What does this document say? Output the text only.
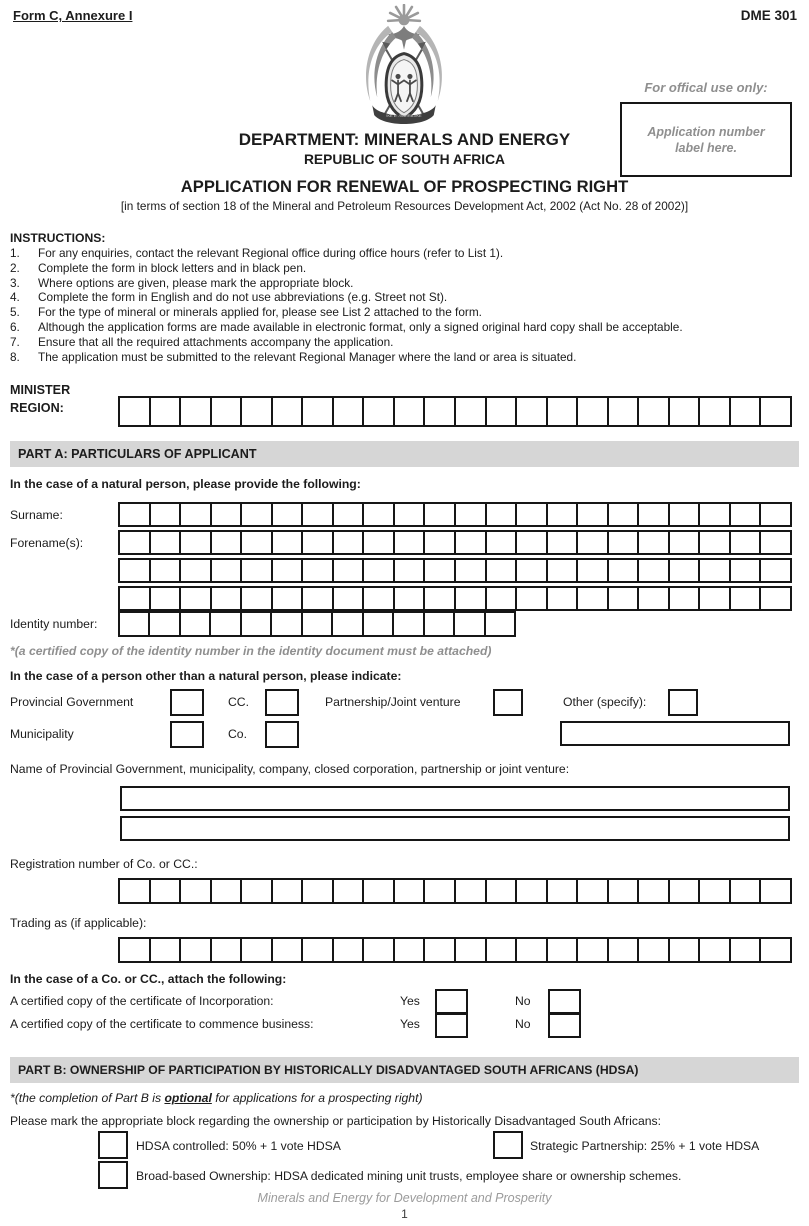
Form C, Annexure I	DME 301
!KE E: /XARRA //KE
For offical use only:
Application number label here.
DEPARTMENT: MINERALS AND ENERGY
REPUBLIC OF SOUTH AFRICA
APPLICATION FOR RENEWAL OF PROSPECTING RIGHT
[in terms of section 18 of the Mineral and Petroleum Resources Development Act, 2002 (Act No. 28 of 2002)]
INSTRUCTIONS:
1.	For any enquiries, contact the relevant Regional office during office hours (refer to List 1).
2.	Complete the form in block letters and in black pen.
3.	Where options are given, please mark the appropriate block.
4.	Complete the form in English and do not use abbreviations (e.g. Street not St).
5.	For the type of mineral or minerals applied for, please see List 2 attached to the form.
6.	Although the application forms are made available in electronic format, only a signed original hard copy shall be acceptable.
7.	Ensure that all the required attachments accompany the application.
8.	The application must be submitted to the relevant Regional Manager where the land or area is situated.
MINISTER
REGION:
PART A: PARTICULARS OF APPLICANT
In the case of a natural person, please provide the following:
Surname:
Forename(s):
Identity number:
*(a certified copy of the identity number in the identity document must be attached)
In the case of a person other than a natural person, please indicate:
Provincial Government	CC.	Partnership/Joint venture	Other (specify):
Municipality	Co.
Name of Provincial Government, municipality, company, closed corporation, partnership or joint venture:
Registration number of Co. or CC.:
Trading as (if applicable):
In the case of a Co. or CC., attach the following:
A certified copy of the certificate of Incorporation:	Yes	No
A certified copy of the certificate to commence business:	Yes	No
PART B: OWNERSHIP OF PARTICIPATION BY HISTORICALLY DISADVANTAGED SOUTH AFRICANS (HDSA)
*(the completion of Part B is optional for applications for a prospecting right)
Please mark the appropriate block regarding the ownership or participation by Historically Disadvantaged South Africans:
HDSA controlled: 50% + 1 vote HDSA	Strategic Partnership: 25% + 1 vote HDSA
Broad-based Ownership: HDSA dedicated mining unit trusts, employee share or ownership schemes.
Minerals and Energy for Development and Prosperity
1
